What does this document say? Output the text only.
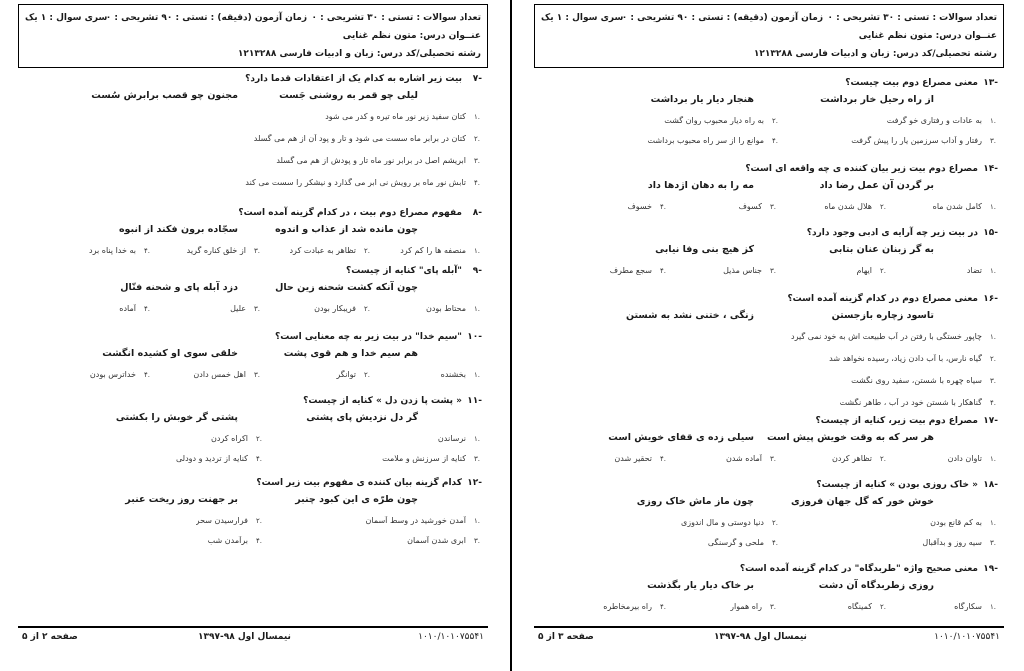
تعداد سوالات : تستی : ۳۰ تشریحی : ۰
زمان آزمون (دقیقه) : تستی : ۹۰ تشریحی : ۰
سری سوال : ۱ یک
عنــوان درس: متون نظم غنایی
رشته تحصیلی/کد درس: زبان و ادبیات فارسی ۱۲۱۳۲۸۸
۷-
بیت زیر اشاره به کدام یک از اعتقادات قدما دارد؟
لیلی چو قمر به روشنی جَست
مجنون چو قصب برابرش سُست
۱.
کتان سفید زیر نور ماه تیره و کدر می شود
۲.
کتان در برابر ماه سست می شود و تار و پود آن از هم می گسلد
۳.
ابریشم اصل در برابر نور ماه تار و پودش از هم می گسلد
۴.
تابش نور ماه بر رویش نی ابر می گذارد و نیشکر را سست می کند
۸-
مفهوم مصراع دوم بیت ، در کدام گزینه آمده است؟
چون مانده شد از عذاب و اندوه
سجّاده برون فکند از انبوه
۱.
منصفه ها را کم کرد
۲.
تظاهر به عبادت کرد
۳.
از خلق کناره گرید
۴.
به خدا پناه برد
۹-
"آبله پای" کنایه از چیست؟
چون آنکه کشت شحنه زین حال
دزد آبله پای و شحنه فتّال
۱.
محتاط بودن
۲.
فریبکار بودن
۳.
علیل
۴.
آماده
۱۰-
"سیم خدا" در بیت زیر به چه معنایی است؟
هم سیم خدا و هم قوی پشت
خلقی سوی او کشیده انگشت
۱.
بخشنده
۲.
توانگر
۳.
اهل خمس دادن
۴.
خداترس بودن
۱۱-
« پشت پا زدن دل » کنایه از چیست؟
گر دل نزدیش پای پشتی
پشتی گر خوبش را بکشتی
۱.
نرساندن
۲.
اکراه کردن
۳.
کنایه از سرزنش و ملامت
۴.
کنایه از تردید و دودلی
۱۲-
کدام گزینه بیان کننده ی مفهوم بیت زیر است؟
چون طرّه ی این کبود چنبر
بر جهنت روز ریخت عنبر
۱.
آمدن خورشید در وسط آسمان
۲.
فرارسیدن سحر
۳.
ابری شدن آسمان
۴.
برآمدن شب
صفحه ۲ از ۵	نیمسال اول ۹۸-۱۳۹۷	۱۰۱۰/۱۰۱۰۷۵۵۴۱
تعداد سوالات : تستی : ۳۰ تشریحی : ۰
زمان آزمون (دقیقه) : تستی : ۹۰ تشریحی : ۰
سری سوال : ۱ یک
عنــوان درس: متون نظم غنایی
رشته تحصیلی/کد درس: زبان و ادبیات فارسی ۱۲۱۳۲۸۸
۱۳-
معنی مصراع دوم بیت چیست؟
از راه رحیل خار برداشت
هنجار دیار یار برداشت
۱.
به عادات و رفتاری خو گرفت
۲.
به راه دیار محبوب روان گشت
۳.
رفتار و آداب سرزمین یار را پیش گرفت
۴.
موانع را از سر راه محبوب برداشت
۱۴-
مصراع دوم بیت زیر بیان کننده ی چه واقعه ای است؟
بر گردن آن عمل رضا داد
مه را به دهان اژدها داد
۱.
کامل شدن ماه
۲.
هلال شدن ماه
۳.
کسوف
۴.
خسوف
۱۵-
در بیت زیر چه آرایه ی ادبی وجود دارد؟
به گر زبنان عنان بتابی
کز هیچ بنی وفا نیابی
۱.
تضاد
۲.
ایهام
۳.
جناس مذیل
۴.
سجع مطرف
۱۶-
معنی مصراع دوم در کدام گزینه آمده است؟
تاسود زچاره بازجستن
زنگی ، ختنی نشد به شستن
۱.
چاپور خستگی با رفتن در آب طبیعت اش به خود نمی گیرد
۲.
گیاه نارس، با آب دادن زیاد، رسیده نخواهد شد
۳.
سیاه چهره با شستن، سفید روی نگشت
۴.
گناهکار با شستن خود در آب ، طاهر نگشت
۱۷-
مصراع دوم بیت زیر، کنایه از چیست؟
هر سر که به وقت خویش پیش است
سیلی زده ی قفای خویش است
۱.
تاوان دادن
۲.
تظاهر کردن
۳.
آماده شدن
۴.
تحقیر شدن
۱۸-
« خاک روزی بودن » کنایه از چیست؟
خوش خور که گل جهان فروزی
چون ماز ماش خاک روزی
۱.
به کم قانع بودن
۲.
دنیا دوستی و مال اندوزی
۳.
سیه روز و بدآقبال
۴.
ملحی و گرسنگی
۱۹-
معنی صحیح واژه "طربدگاه" در کدام گزینه آمده است؟
روزی زطربدگاه آن دشت
بر خاک دیار یار بگذشت
۱.
سکارگاه
۲.
کمینگاه
۳.
راه هموار
۴.
راه بیرمخاطره
صفحه ۳ از ۵	نیمسال اول ۹۸-۱۳۹۷	۱۰۱۰/۱۰۱۰۷۵۵۴۱
